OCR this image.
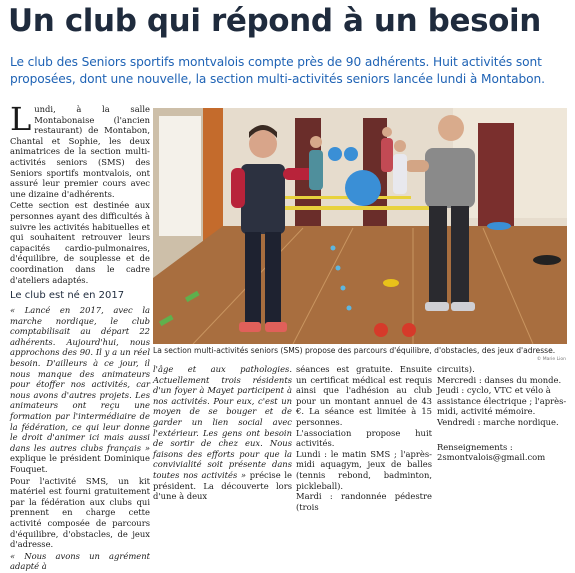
Un club qui répond à un besoin
Le club des Seniors sportifs montvalois compte près de 90 adhérents. Huit activités sont proposées, dont une nouvelle, la section multi-activités seniors lancée lundi à Montabon.

Lundi, à la salle Montabonaise (l'ancien restaurant) de Montabon, Chantal et Sophie, les deux animatrices de la section multi-activités seniors (SMS) des Seniors sportifs montvalois, ont assuré leur premier cours avec une dizaine d'adhérents.

Cette section est destinée aux personnes ayant des difficultés à suivre les activités habituelles et qui souhaitent retrouver leurs capacités cardio-pulmonaires, d'équilibre, de souplesse et de coordination dans le cadre d'ateliers adaptés.

Le club est né en 2017

« Lancé en 2017, avec la marche nordique, le club comptabilisait au départ 22 adhérents. Aujourd'hui, nous approchons des 90. Il y a un réel besoin. D'ailleurs à ce jour, il nous manque des animateurs pour étoffer nos activités, car nous avons d'autres projets. Les animateurs ont reçu une formation par l'intermédiaire de la fédération, ce qui leur donne le droit d'animer ici mais aussi dans les autres clubs français » explique le président Dominique Fouquet.

Pour l'activité SMS, un kit matériel est fourni gratuitement par la fédération aux clubs qui prennent en charge cette activité composée de parcours d'équilibre, d'obstacles, de jeux d'adresse.

« Nous avons un agrément adapté à

La section multi-activités seniors (SMS) propose des parcours d'équilibre, d'obstacles, des jeux d'adresse.
© Marie Lion

l'âge et aux pathologies. Actuellement trois résidents d'un foyer à Mayet participent à nos activités. Pour eux, c'est un moyen de se bouger et de garder un lien social avec l'extérieur. Les gens ont besoin de sortir de chez eux. Nous faisons des efforts pour que la convivialité soit présente dans toutes nos activités » précise le président. La découverte lors d'une à deux

séances est gratuite. Ensuite un certificat médical est requis ainsi que l'adhésion au club pour un montant annuel de 43 €. La séance est limitée à 15 personnes.

L'association propose huit activités.

Lundi : le matin SMS ; l'après-midi aquagym, jeux de balles (tennis rebond, badminton, pickleball).

Mardi : randonnée pédestre (trois

circuits).

Mercredi : danses du monde.

Jeudi : cyclo, VTC et vélo à assistance électrique ; l'après-midi, activité mémoire.

Vendredi : marche nordique.

Renseignements :

2smontvalois@gmail.com
